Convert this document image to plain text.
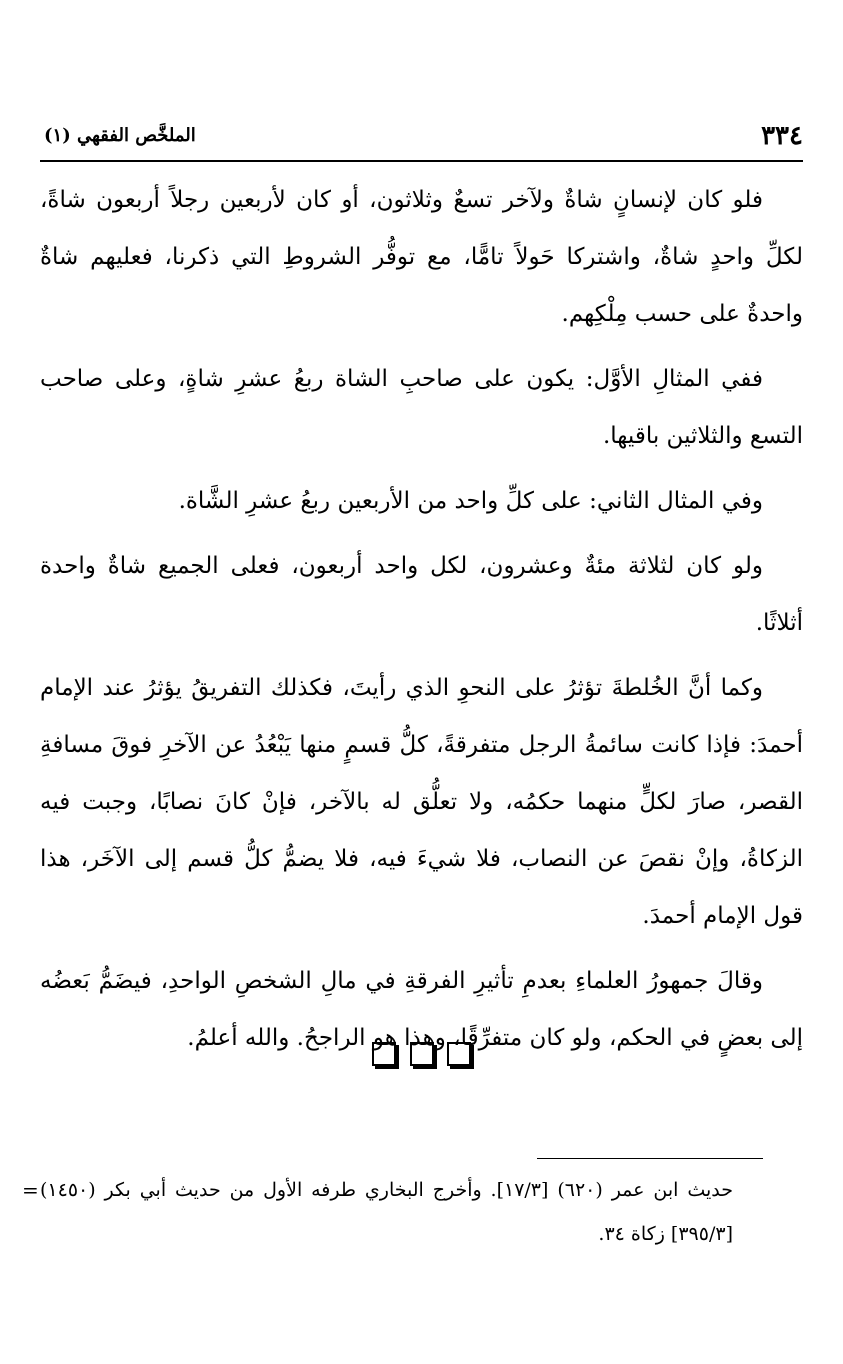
٣٣٤
الملخَّص الفقهي (١)

فلو كان لإنسانٍ شاةٌ ولآخر تسعٌ وثلاثون، أو كان لأربعين رجلاً أربعون شاةً، لكلِّ واحدٍ شاةٌ، واشتركا حَولاً تامًّا، مع توفُّر الشروطِ التي ذكرنا، فعليهم شاةٌ واحدةٌ على حسب مِلْكِهم.

ففي المثالِ الأوَّل: يكون على صاحبِ الشاة ربعُ عشرِ شاةٍ، وعلى صاحب التسع والثلاثين باقيها.

وفي المثال الثاني: على كلِّ واحد من الأربعين ربعُ عشرِ الشَّاة.

ولو كان لثلاثة مئةٌ وعشرون، لكل واحد أربعون، فعلى الجميع شاةٌ واحدة أثلاثًا.

وكما أنَّ الخُلطةَ تؤثرُ على النحوِ الذي رأيتَ، فكذلك التفريقُ يؤثرُ عند الإمام أحمدَ: فإذا كانت سائمةُ الرجل متفرقةً، كلُّ قسمٍ منها يَبْعُدُ عن الآخرِ فوقَ مسافةِ القصر، صارَ لكلٍّ منهما حكمُه، ولا تعلُّق له بالآخر، فإنْ كانَ نصابًا، وجبت فيه الزكاةُ، وإنْ نقصَ عن النصاب، فلا شيءَ فيه، فلا يضمُّ كلُّ قسم إلى الآخَر، هذا قول الإمام أحمدَ.

وقالَ جمهورُ العلماءِ بعدمِ تأثيرِ الفرقةِ في مالِ الشخصِ الواحدِ، فيضَمُّ بَعضُه إلى بعضٍ في الحكم، ولو كان متفرِّقًا، وهذا هو الراجحُ. والله أعلمُ.

= حديث ابن عمر (٦٢٠) [١٧/٣]. وأخرج البخاري طرفه الأول من حديث أبي بكر (١٤٥٠) [٣٩٥/٣] زكاة ٣٤.
